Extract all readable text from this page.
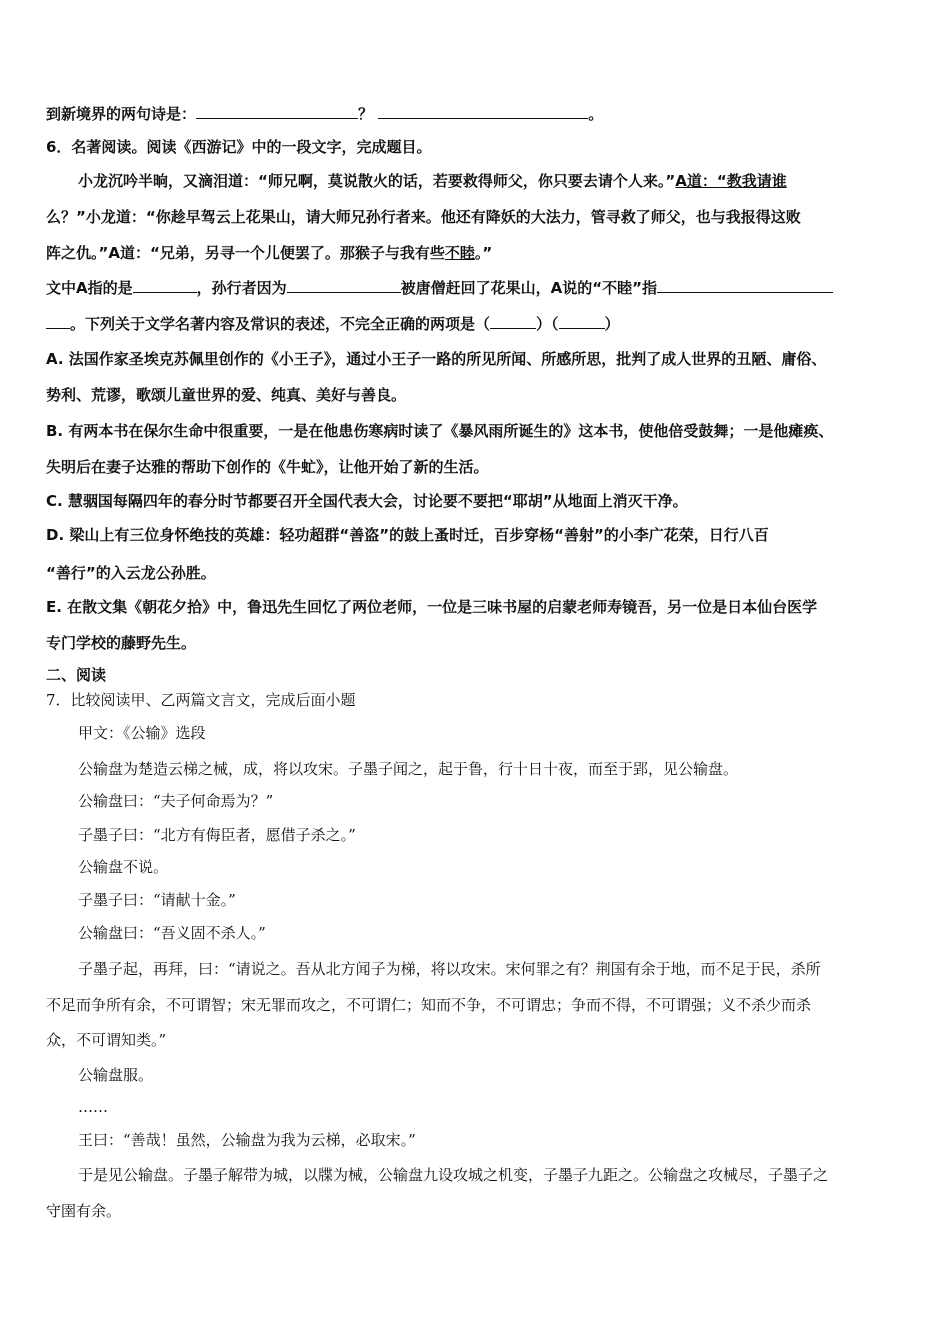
到新境界的两句诗是：	？	。
6．名著阅读。阅读《西游记》中的一段文字，完成题目。
小龙沉吟半晌，又滴泪道：“师兄啊，莫说散火的话，若要救得师父，你只要去请个人来。”A道：“教我请谁
么？”小龙道：“你趁早驾云上花果山，请大师兄孙行者来。他还有降妖的大法力，管寻救了师父，也与我报得这败
阵之仇。”A道：“兄弟，另寻一个儿便罢了。那猴子与我有些不睦。”
文中A指的是	，孙行者因为	被唐僧赶回了花果山，A说的“不睦”指
。下列关于文学名著内容及常识的表述，不完全正确的两项是（	）（	）
A. 法国作家圣埃克苏佩里创作的《小王子》，通过小王子一路的所见所闻、所感所思，批判了成人世界的丑陋、庸俗、
势利、荒谬，歌颂儿童世界的爱、纯真、美好与善良。
B. 有两本书在保尔生命中很重要，一是在他患伤寒病时读了《暴风雨所诞生的》这本书，使他倍受鼓舞；一是他瘫痪、
失明后在妻子达雅的帮助下创作的《牛虻》，让他开始了新的生活。
C. 慧骃国每隔四年的春分时节都要召开全国代表大会，讨论要不要把“耶胡”从地面上消灭干净。
D. 梁山上有三位身怀绝技的英雄：轻功超群“善盗”的鼓上蚤时迁，百步穿杨“善射”的小李广花荣，日行八百
“善行”的入云龙公孙胜。
E. 在散文集《朝花夕拾》中，鲁迅先生回忆了两位老师，一位是三味书屋的启蒙老师寿镜吾，另一位是日本仙台医学
专门学校的藤野先生。
二、阅读
7．比较阅读甲、乙两篇文言文，完成后面小题
甲文：《公输》选段
公输盘为楚造云梯之械，成，将以攻宋。子墨子闻之，起于鲁，行十日十夜，而至于郢，见公输盘。
公输盘曰：“夫子何命焉为？”
子墨子曰：“北方有侮臣者，愿借子杀之。”
公输盘不说。
子墨子曰：“请献十金。”
公输盘曰：“吾义固不杀人。”
子墨子起，再拜，曰：“请说之。吾从北方闻子为梯，将以攻宋。宋何罪之有？荆国有余于地，而不足于民，杀所
不足而争所有余，不可谓智；宋无罪而攻之，不可谓仁；知而不争，不可谓忠；争而不得，不可谓强；义不杀少而杀
众，不可谓知类。”
公输盘服。
……
王曰：“善哉！虽然，公输盘为我为云梯，必取宋。”
于是见公输盘。子墨子解带为城，以牒为械，公输盘九设攻城之机变，子墨子九距之。公输盘之攻械尽，子墨子之
守圉有余。
